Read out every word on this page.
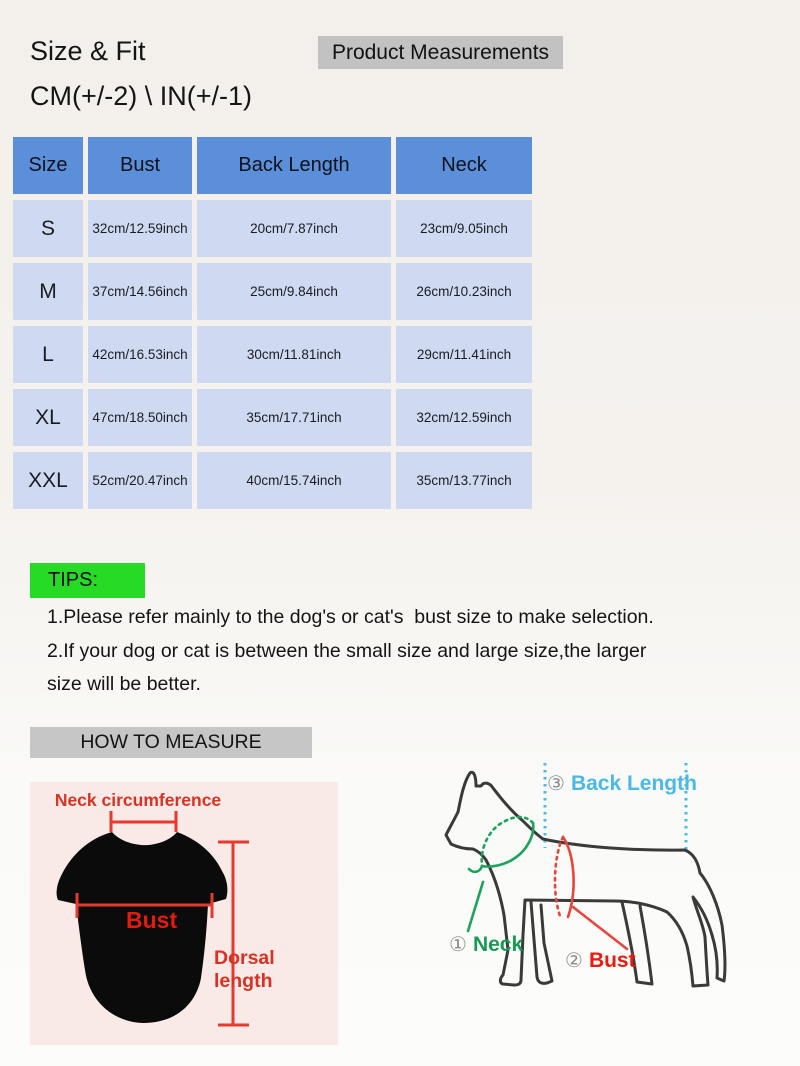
Size & Fit	Product Measurements
CM(+/-2) \ IN(+/-1)
Size	Bust	Back Length	Neck
S	32cm/12.59inch	20cm/7.87inch	23cm/9.05inch
M	37cm/14.56inch	25cm/9.84inch	26cm/10.23inch
L	42cm/16.53inch	30cm/11.81inch	29cm/11.41inch
XL	47cm/18.50inch	35cm/17.71inch	32cm/12.59inch
XXL	52cm/20.47inch	40cm/15.74inch	35cm/13.77inch
TIPS:
1.Please refer mainly to the dog's or cat's  bust size to make selection.
2.If your dog or cat is between the small size and large size,the larger
size will be better.
HOW TO MEASURE
Neck circumference
Bust
Dorsal length
③ Back Length
① Neck
② Bust
